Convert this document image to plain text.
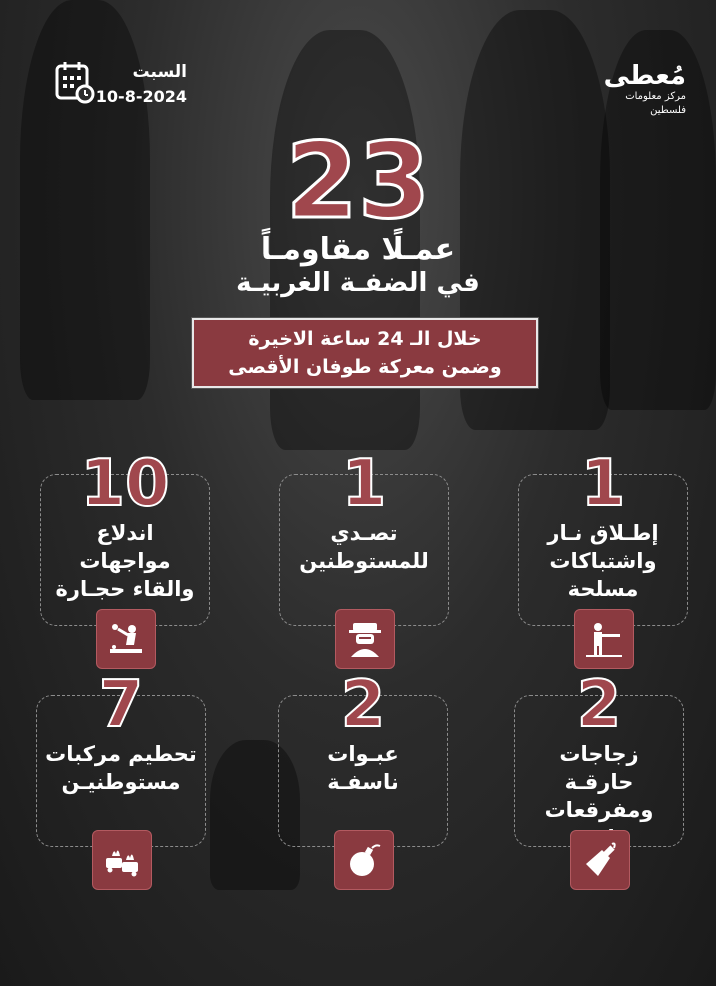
السبت
10-8-2024
مُعطى
مركز معلومات فلسطين
23
عمـلًا مقاومـاً
في الضفـة الغربيـة
خلال الـ 24 ساعة الاخيرة
وضمن معركة طوفان الأقصى
1
إطـلاق نـار
واشتباكات مسلحة
1
تصـدي
للمستوطنين
10
اندلاع مواجهات
والقاء حجـارة
2
زجاجات حارقـة
ومفرقعات
2
عبـوات
ناسفـة
7
تحطيم مركبات
مستوطنيـن
